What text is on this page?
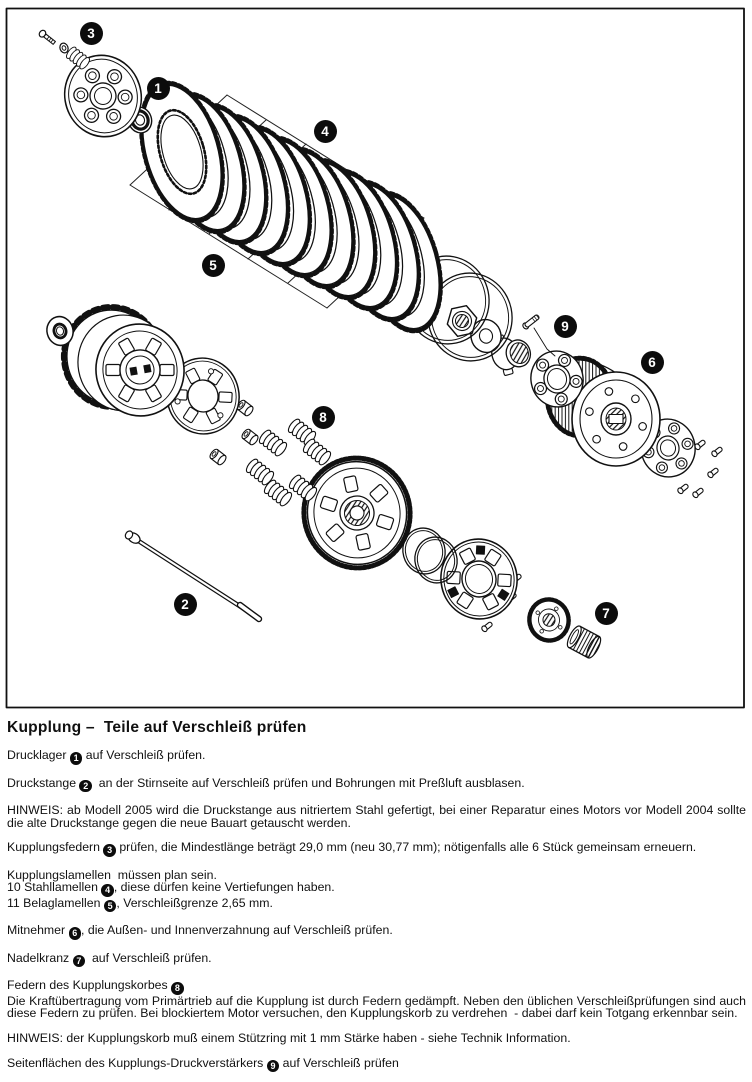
3
1
4
5
9
6
8
2
7
Kupplung –  Teile auf Verschleiß prüfen

Drucklager 1 auf Verschleiß prüfen.

Druckstange 2  an der Stirnseite auf Verschleiß prüfen und Bohrungen mit Preßluft ausblasen.

HINWEIS: ab Modell 2005 wird die Druckstange aus nitriertem Stahl gefertigt, bei einer Reparatur eines Motors vor Modell 2004 sollte die alte Druckstange gegen die neue Bauart getauscht werden.

Kupplungsfedern 3 prüfen, die Mindestlänge beträgt 29,0 mm (neu 30,77 mm); nötigenfalls alle 6 Stück gemeinsam erneuern.

Kupplungslamellen  müssen plan sein.
10 Stahllamellen 4 , diese dürfen keine Vertiefungen haben.
11 Belaglamellen 5 , Verschleißgrenze 2,65 mm.

Mitnehmer 6 , die Außen- und Innenverzahnung auf Verschleiß prüfen.

Nadelkranz 7  auf Verschleiß prüfen.

Federn des Kupplungskorbes 8
Die Kraftübertragung vom Primärtrieb auf die Kupplung ist durch Federn gedämpft. Neben den üblichen Verschleißprüfungen sind auch diese Federn zu prüfen. Bei blockiertem Motor versuchen, den Kupplungskorb zu verdrehen  - dabei darf kein Totgang erkennbar sein.

HINWEIS: der Kupplungskorb muß einem Stützring mit 1 mm Stärke haben - siehe Technik Information.

Seitenflächen des Kupplungs-Druckverstärkers 9 auf Verschleiß prüfen
